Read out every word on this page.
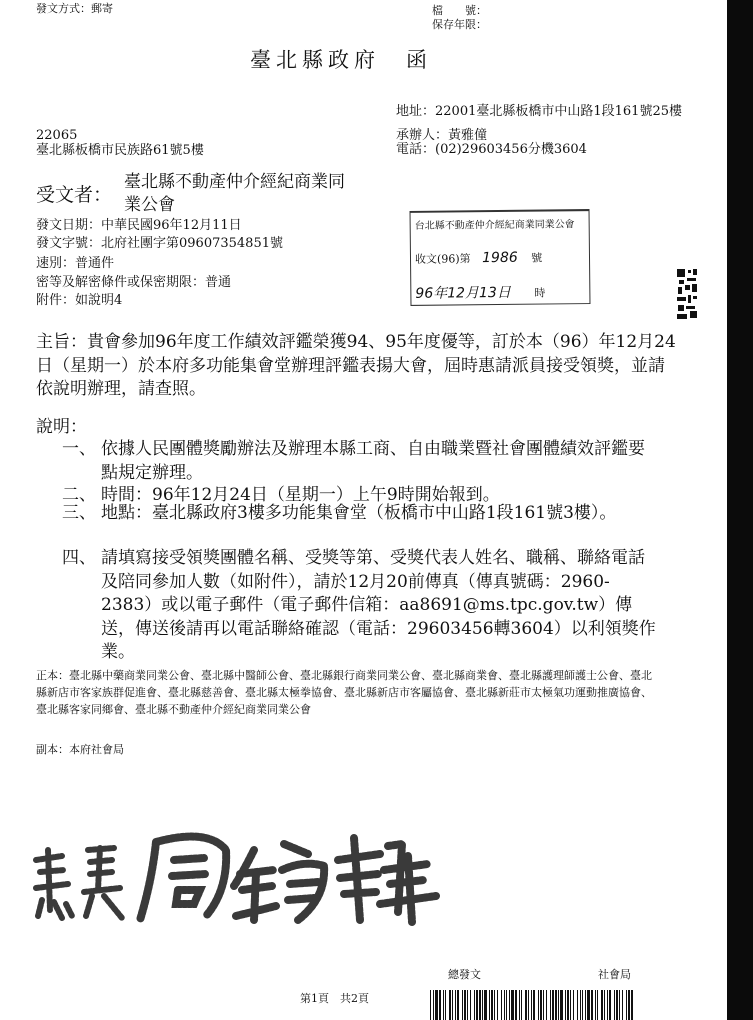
發文方式：郵寄	檔　　號：
保存年限：
臺北縣政府　函
地址：22001臺北縣板橋市中山路1段161號25樓
承辦人：黃雅僮
電話：(02)29603456分機3604
22065
臺北縣板橋市民族路61號5樓
受文者：
臺北縣不動產仲介經紀商業同
業公會
發文日期：中華民國96年12月11日
發文字號：北府社團字第09607354851號
速別：普通件
密等及解密條件或保密期限：普通
附件：如說明4
台北縣不動產仲介經紀商業同業公會
收文(96)第 1986 號
96年12月13日 時
主旨：貴會參加96年度工作績效評鑑榮獲94、95年度優等，訂於本（96）年12月24日（星期一）於本府多功能集會堂辦理評鑑表揚大會，屆時惠請派員接受領獎，並請依說明辦理，請查照。
說明：
一、 依據人民團體獎勵辦法及辦理本縣工商、自由職業暨社會團體績效評鑑要點規定辦理。
二、 時間：96年12月24日（星期一）上午9時開始報到。
三、 地點：臺北縣政府3樓多功能集會堂（板橋市中山路1段161號3樓）。
四、 請填寫接受領獎團體名稱、受獎等第、受獎代表人姓名、職稱、聯絡電話及陪同參加人數（如附件），請於12月20前傳真（傳真號碼：2960-2383）或以電子郵件（電子郵件信箱：aa8691@ms.tpc.gov.tw）傳送，傳送後請再以電話聯絡確認（電話：29603456轉3604）以利領獎作業。
正本：臺北縣中藥商業同業公會、臺北縣中醫師公會、臺北縣銀行商業同業公會、臺北縣商業會、臺北縣護理師護士公會、臺北縣新店市客家族群促進會、臺北縣慈善會、臺北縣太極拳協會、臺北縣新店市客屬協會、臺北縣新莊市太極氣功運動推廣協會、臺北縣客家同鄉會、臺北縣不動產仲介經紀商業同業公會
副本：本府社會局
總發文	社會局
第1頁　共2頁
